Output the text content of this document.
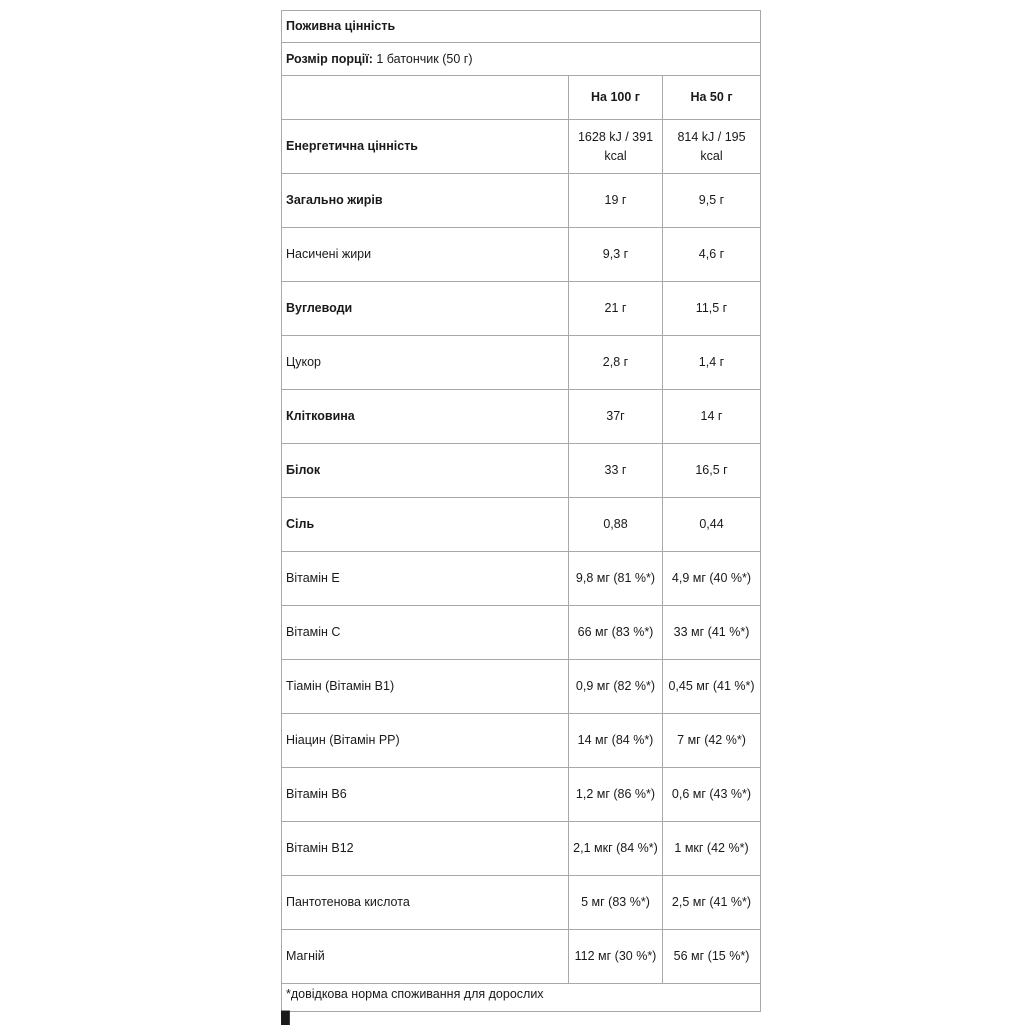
Поживна цінність		
Розмір порції: 1 батончик (50 г)		
	На 100 г	На 50 г
Енергетична цінність	1628 kJ / 391 kcal	814 kJ / 195 kcal
Загально жирів	19 г	9,5 г
Насичені жири	9,3 г	4,6 г
Вуглеводи	21 г	11,5 г
Цукор	2,8 г	1,4 г
Клітковина	37г	14 г
Білок	33 г	16,5 г
Сіль	0,88	0,44
Вітамін E	9,8 мг (81 %*)	4,9 мг (40 %*)
Вітамін C	66 мг (83 %*)	33 мг (41 %*)
Тіамін (Вітамін B1)	0,9 мг (82 %*)	0,45 мг (41 %*)
Ніацин (Вітамін PP)	14 мг (84 %*)	7 мг (42 %*)
Вітамін B6	1,2 мг (86 %*)	0,6 мг (43 %*)
Вітамін B12	2,1 мкг (84 %*)	1 мкг (42 %*)
Пантотенова кислота	5 мг (83 %*)	2,5 мг (41 %*)
Магній	112 мг (30 %*)	56 мг (15 %*)
*довідкова норма споживання для дорослих		
█                 
